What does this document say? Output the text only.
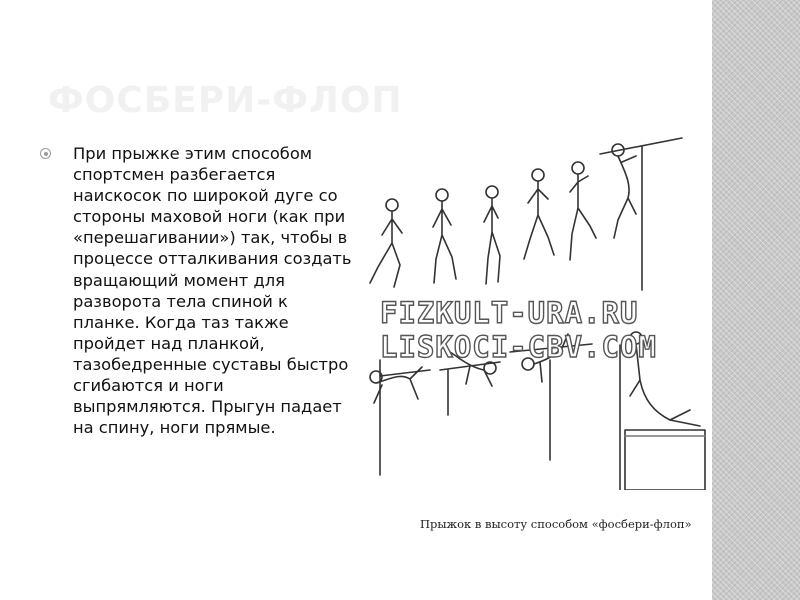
ФОСБЕРИ-ФЛОП

При прыжке этим способом спортсмен разбегается наискосок по широкой дуге со стороны маховой ноги (как при «перешагивании») так, чтобы в процессе отталкивания создать вращающий момент для разворота тела спиной к планке. Когда таз также пройдет над планкой, тазобедренные суставы быстро сгибаются и ноги выпрямляются. Прыгун падает на спину, ноги прямые.

FIZKULT-URA.RU
LISKOCI-CBV.COM

Прыжок в высоту способом «фосбери-флоп»
